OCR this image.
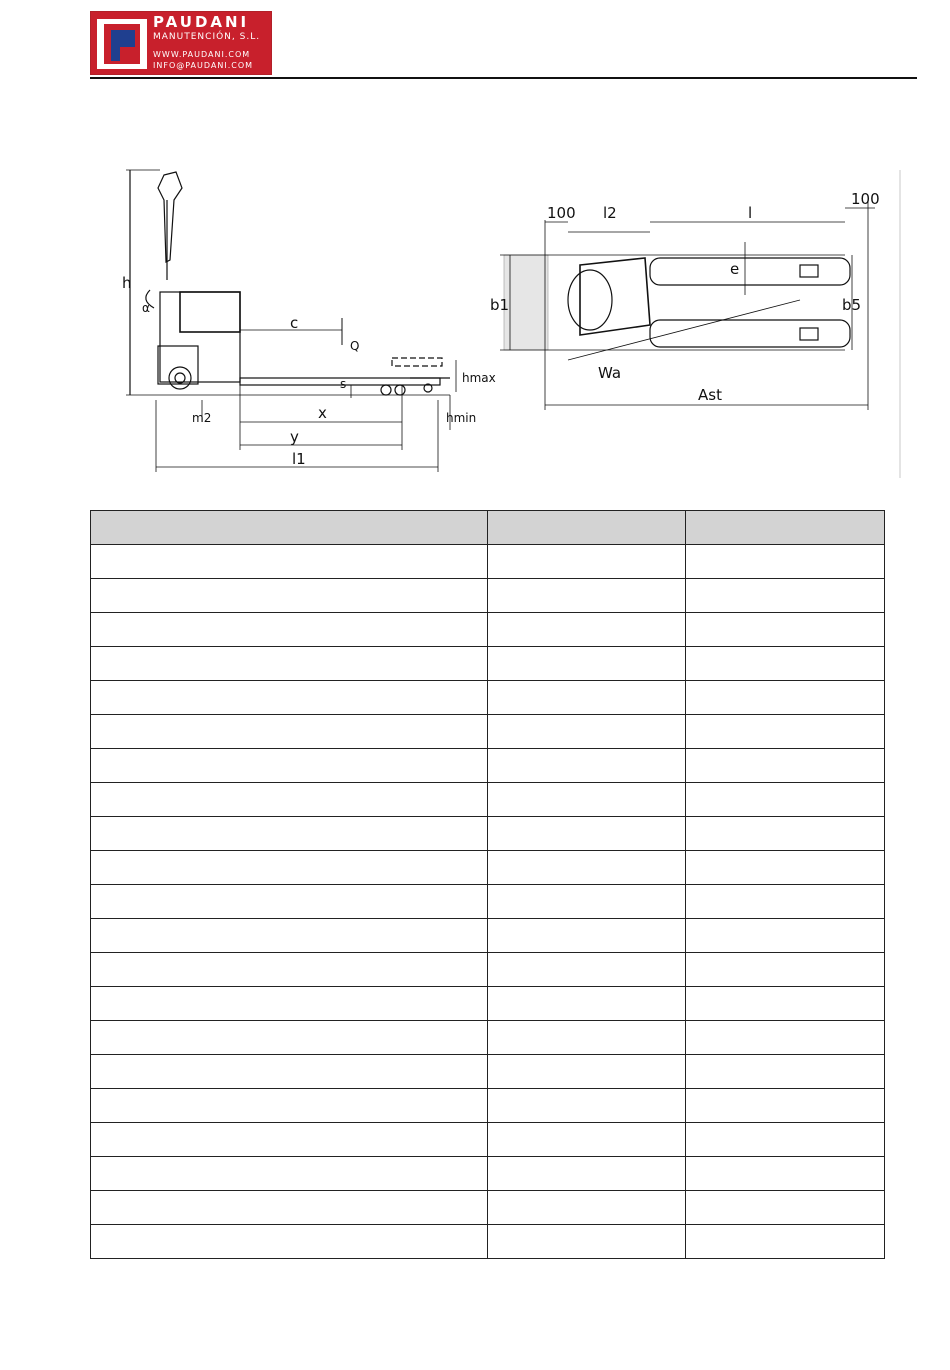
PAUDANI
MANUTENCIÓN, S.L.
WWW.PAUDANI.COM
INFO@PAUDANI.COM
h
α
c
Q
s	hmax
hmin
m2	x
y
l1
100 l2	l
100
e
b1	b5
Wa
Ast
